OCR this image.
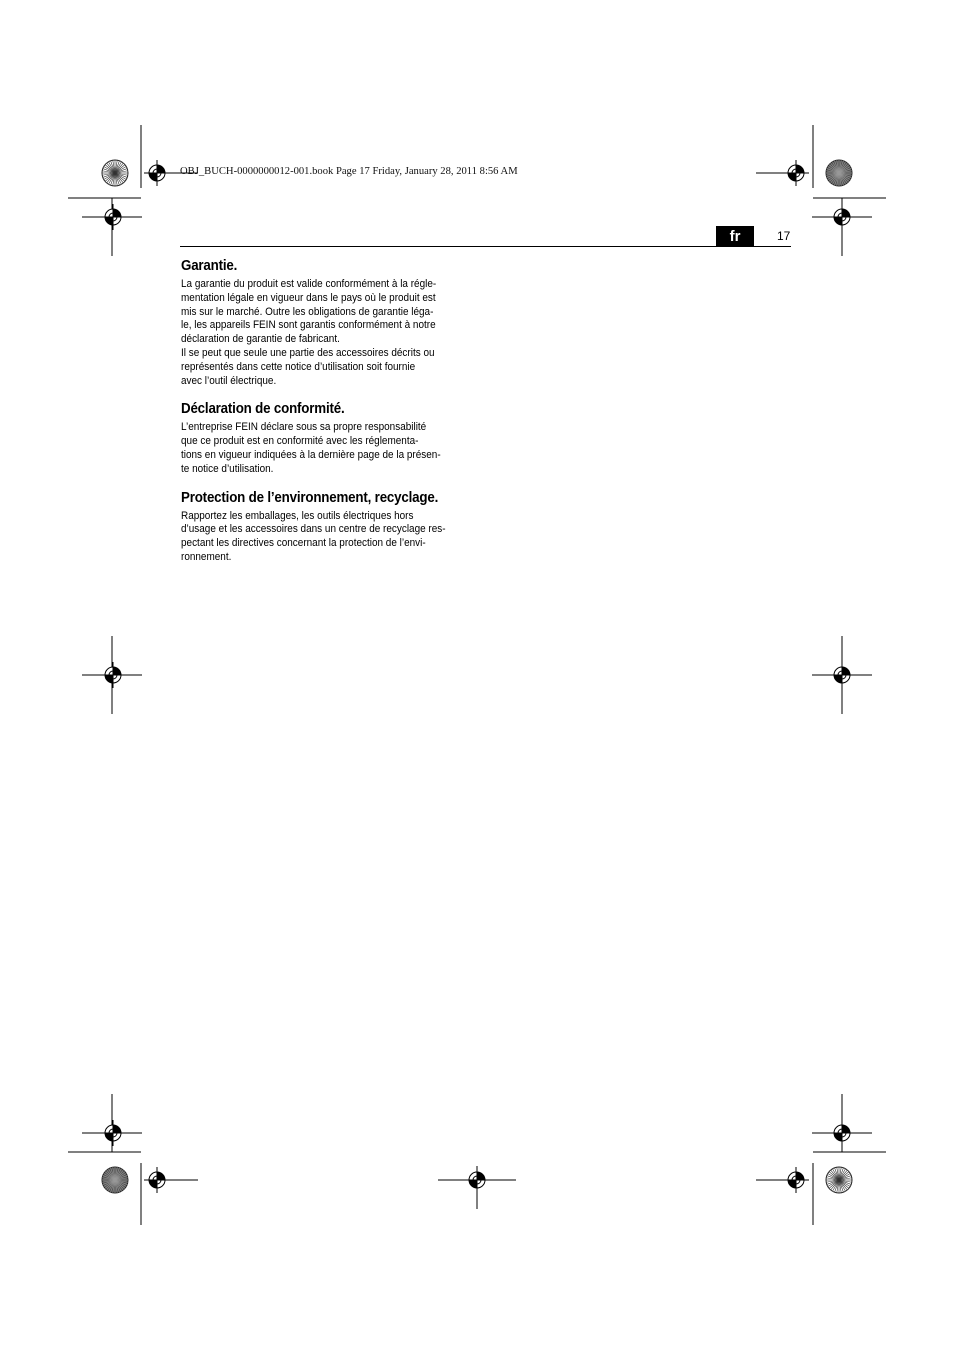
OBJ_BUCH-0000000012-001.book Page 17 Friday, January 28, 2011 8:56 AM
fr	17
Garantie.

La garantie du produit est valide conformément à la régle-
mentation légale en vigueur dans le pays où le produit est
mis sur le marché. Outre les obligations de garantie léga-
le, les appareils FEIN sont garantis conformément à notre
déclaration de garantie de fabricant.

Il se peut que seule une partie des accessoires décrits ou
représentés dans cette notice d’utilisation soit fournie
avec l’outil électrique.

Déclaration de conformité.

L’entreprise FEIN déclare sous sa propre responsabilité
que ce produit est en conformité avec les réglementa-
tions en vigueur indiquées à la dernière page de la présen-
te notice d’utilisation.

Protection de l’environnement, recyclage.

Rapportez les emballages, les outils électriques hors
d’usage et les accessoires dans un centre de recyclage res-
pectant les directives concernant la protection de l’envi-
ronnement.
